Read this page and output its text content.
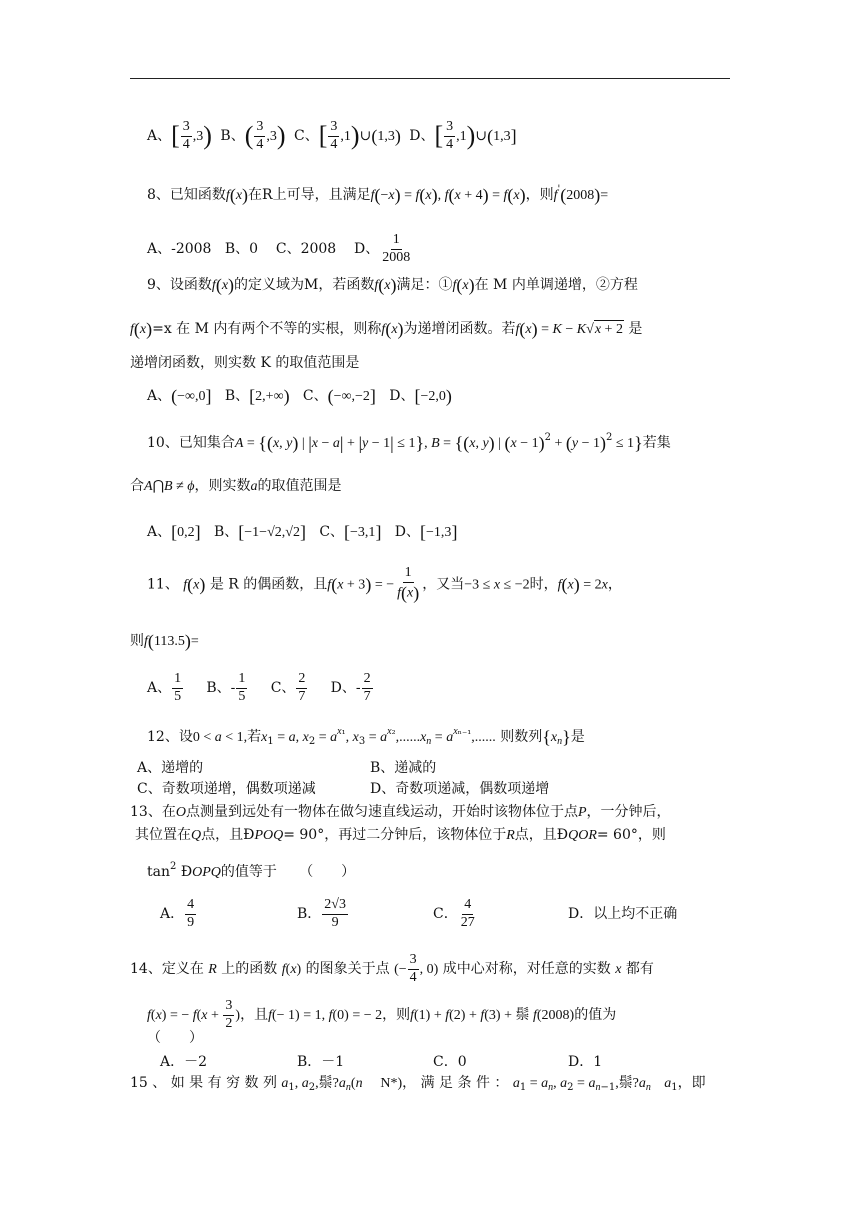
A、[ $\frac{3}{4} ,3$) B、( $\frac{3}{4} ,3$) C、[ $\frac{3}{4}$ ,1)∪(1,3) D、[ $\frac{3}{4}$ ,1)∪(1,3]
8、已知函数f(x)在R上可导，且满足f(−x) = f(x), f(x + 4) = f(x)，则f'(2008)=
A、-2008 B、0 C、2008 D、 $\frac{1}{2008}$
9、设函数f(x)的定义域为M，若函数f(x)满足：①f(x)在 M 内单调递增，②方程
f(x)=x 在 M 内有两个不等的实根，则称f(x)为递增闭函数。若f(x) = K − K√x + 2 是
递增闭函数，则实数 K 的取值范围是
A、(−∞,0] B、[2,+∞) C、(−∞,−2] D、[−2,0)
10、已知集合A = {(x, y) | |x − a| + |y − 1| ≤ 1}, B = {(x, y) | $(x - 1)^2 + (y - 1)^2 \le 1$}若集
合A⋂B ≠ ϕ，则实数a的取值范围是
A、[0,2] B、[−1−√2,√2] C、[−3,1] D、[−1,3]
11、 f(x) 是 R 的偶函数，且f(x + 3) = − $\frac{1}{f(x)}$ ，又当−3 ≤ x ≤ −2时，f(x) = 2x，
则f(113.5)=
A、 $\frac{1}{5}$ B、- $\frac{1}{5}$ C、 $\frac{2}{7}$ D、- $\frac{2}{7}$
12、设0 < a < 1,若$x_1 = a$, $x_2 = a^{x_1}$, $x_3 = a^{x_2},......x_n = a^{x_{n-1}}$,...... 则数列$\{x_n\}$是
A、递增的	B、递减的
C、奇数项递增，偶数项递减	D、奇数项递减，偶数项递增
13、在O点测量到远处有一物体在做匀速直线运动，开始时该物体位于点P，一分钟后，
其位置在Q点，且ÐPOQ= 90°，再过二分钟后，该物体位于R点，且ÐQOR= 60°，则
$\tan^2$ ÐOPQ的值等于 （　　）
A． $\frac{4}{9}$	B． $\frac{2√3}{9}$	C． $\frac{4}{27}$	D．以上均不正确
14、定义在 R 上的函数 f(x) 的图象关于点 (− $\frac{3}{4}$ , 0) 成中心对称，对任意的实数 x 都有
f(x) = − $f(x + \frac{3}{2}$ )，且f(− 1) = 1, f(0) = − 2，则f(1) + f(2) + f(3) + 鬃 f(2008)的值为
（　　）
A．－2	B．－1	C．0	D．1
15 、 如 果 有 穷 数 列 $a_1$, $a_2$,鬃$?a_n(n$ N*)， 满 足 条 件 ： $a_1 = a_n$, $a_2 = a_{n-1}$,鬃$?a_n$ $a_1$，即
